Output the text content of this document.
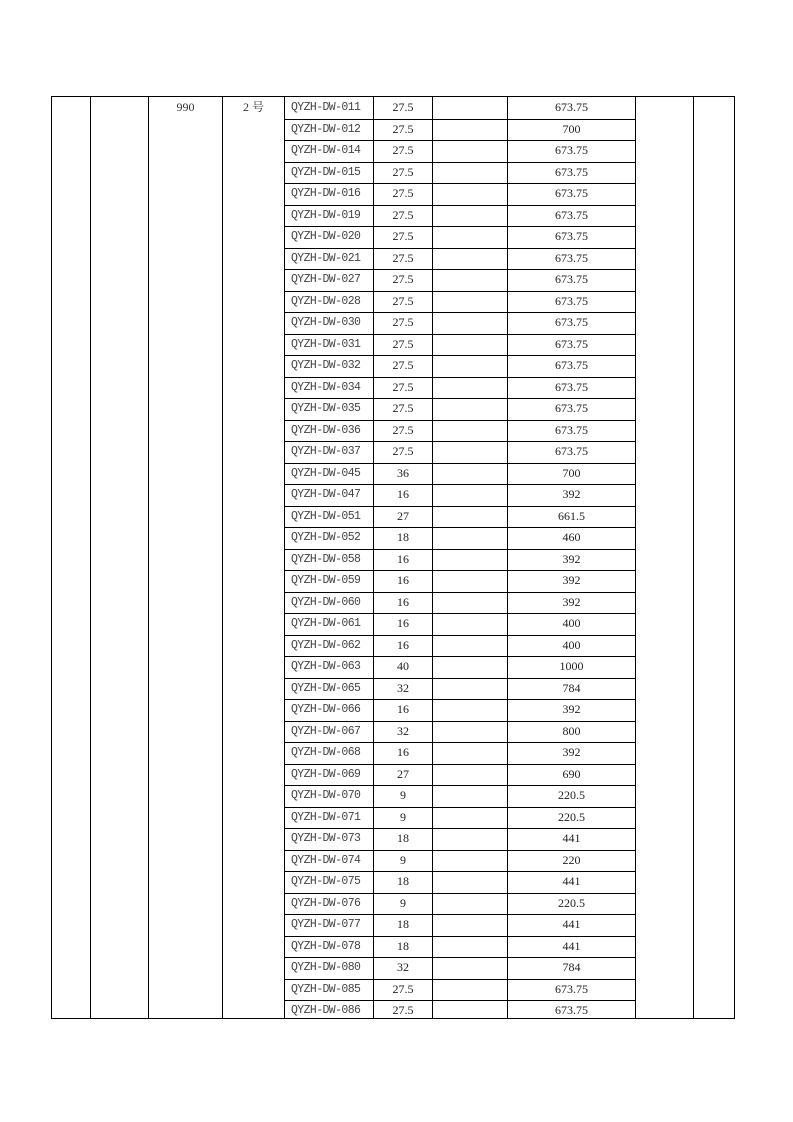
990	2 号	QYZH-DW-011	27.5	673.75
QYZH-DW-012	27.5	700
QYZH-DW-014	27.5	673.75
QYZH-DW-015	27.5	673.75
QYZH-DW-016	27.5	673.75
QYZH-DW-019	27.5	673.75
QYZH-DW-020	27.5	673.75
QYZH-DW-021	27.5	673.75
QYZH-DW-027	27.5	673.75
QYZH-DW-028	27.5	673.75
QYZH-DW-030	27.5	673.75
QYZH-DW-031	27.5	673.75
QYZH-DW-032	27.5	673.75
QYZH-DW-034	27.5	673.75
QYZH-DW-035	27.5	673.75
QYZH-DW-036	27.5	673.75
QYZH-DW-037	27.5	673.75
QYZH-DW-045	36	700
QYZH-DW-047	16	392
QYZH-DW-051	27	661.5
QYZH-DW-052	18	460
QYZH-DW-058	16	392
QYZH-DW-059	16	392
QYZH-DW-060	16	392
QYZH-DW-061	16	400
QYZH-DW-062	16	400
QYZH-DW-063	40	1000
QYZH-DW-065	32	784
QYZH-DW-066	16	392
QYZH-DW-067	32	800
QYZH-DW-068	16	392
QYZH-DW-069	27	690
QYZH-DW-070	9	220.5
QYZH-DW-071	9	220.5
QYZH-DW-073	18	441
QYZH-DW-074	9	220
QYZH-DW-075	18	441
QYZH-DW-076	9	220.5
QYZH-DW-077	18	441
QYZH-DW-078	18	441
QYZH-DW-080	32	784
QYZH-DW-085	27.5	673.75
QYZH-DW-086	27.5	673.75
